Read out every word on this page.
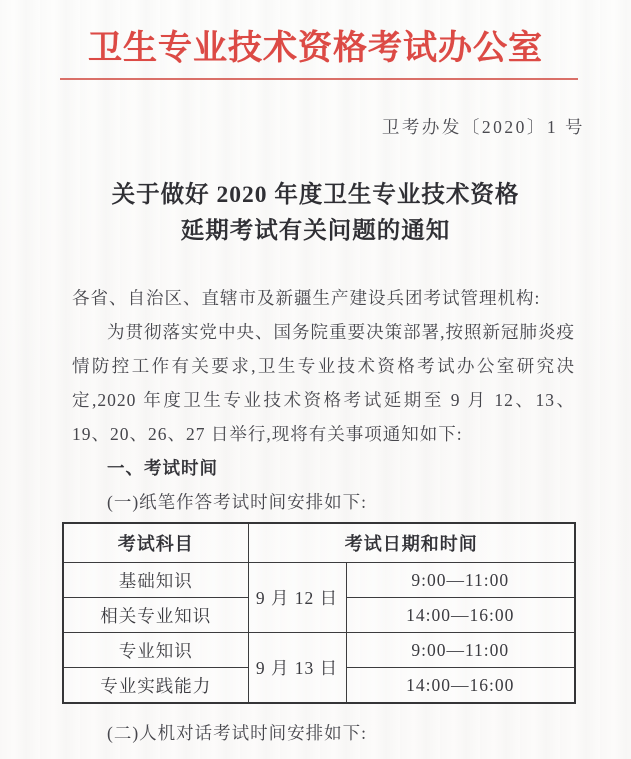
卫生专业技术资格考试办公室
卫考办发〔2020〕1 号
关于做好 2020 年度卫生专业技术资格
延期考试有关问题的通知
各省、自治区、直辖市及新疆生产建设兵团考试管理机构:

为贯彻落实党中央、国务院重要决策部署,按照新冠肺炎疫情防控工作有关要求,卫生专业技术资格考试办公室研究决定,2020 年度卫生专业技术资格考试延期至 9 月 12、13、19、20、26、27 日举行,现将有关事项通知如下:

一、考试时间
(一)纸笔作答考试时间安排如下:
考试科目	考试日期和时间	
基础知识	9 月 12 日	9:00—11:00
相关专业知识		14:00—16:00
专业知识	9 月 13 日	9:00—11:00
专业实践能力		14:00—16:00
(二)人机对话考试时间安排如下:
